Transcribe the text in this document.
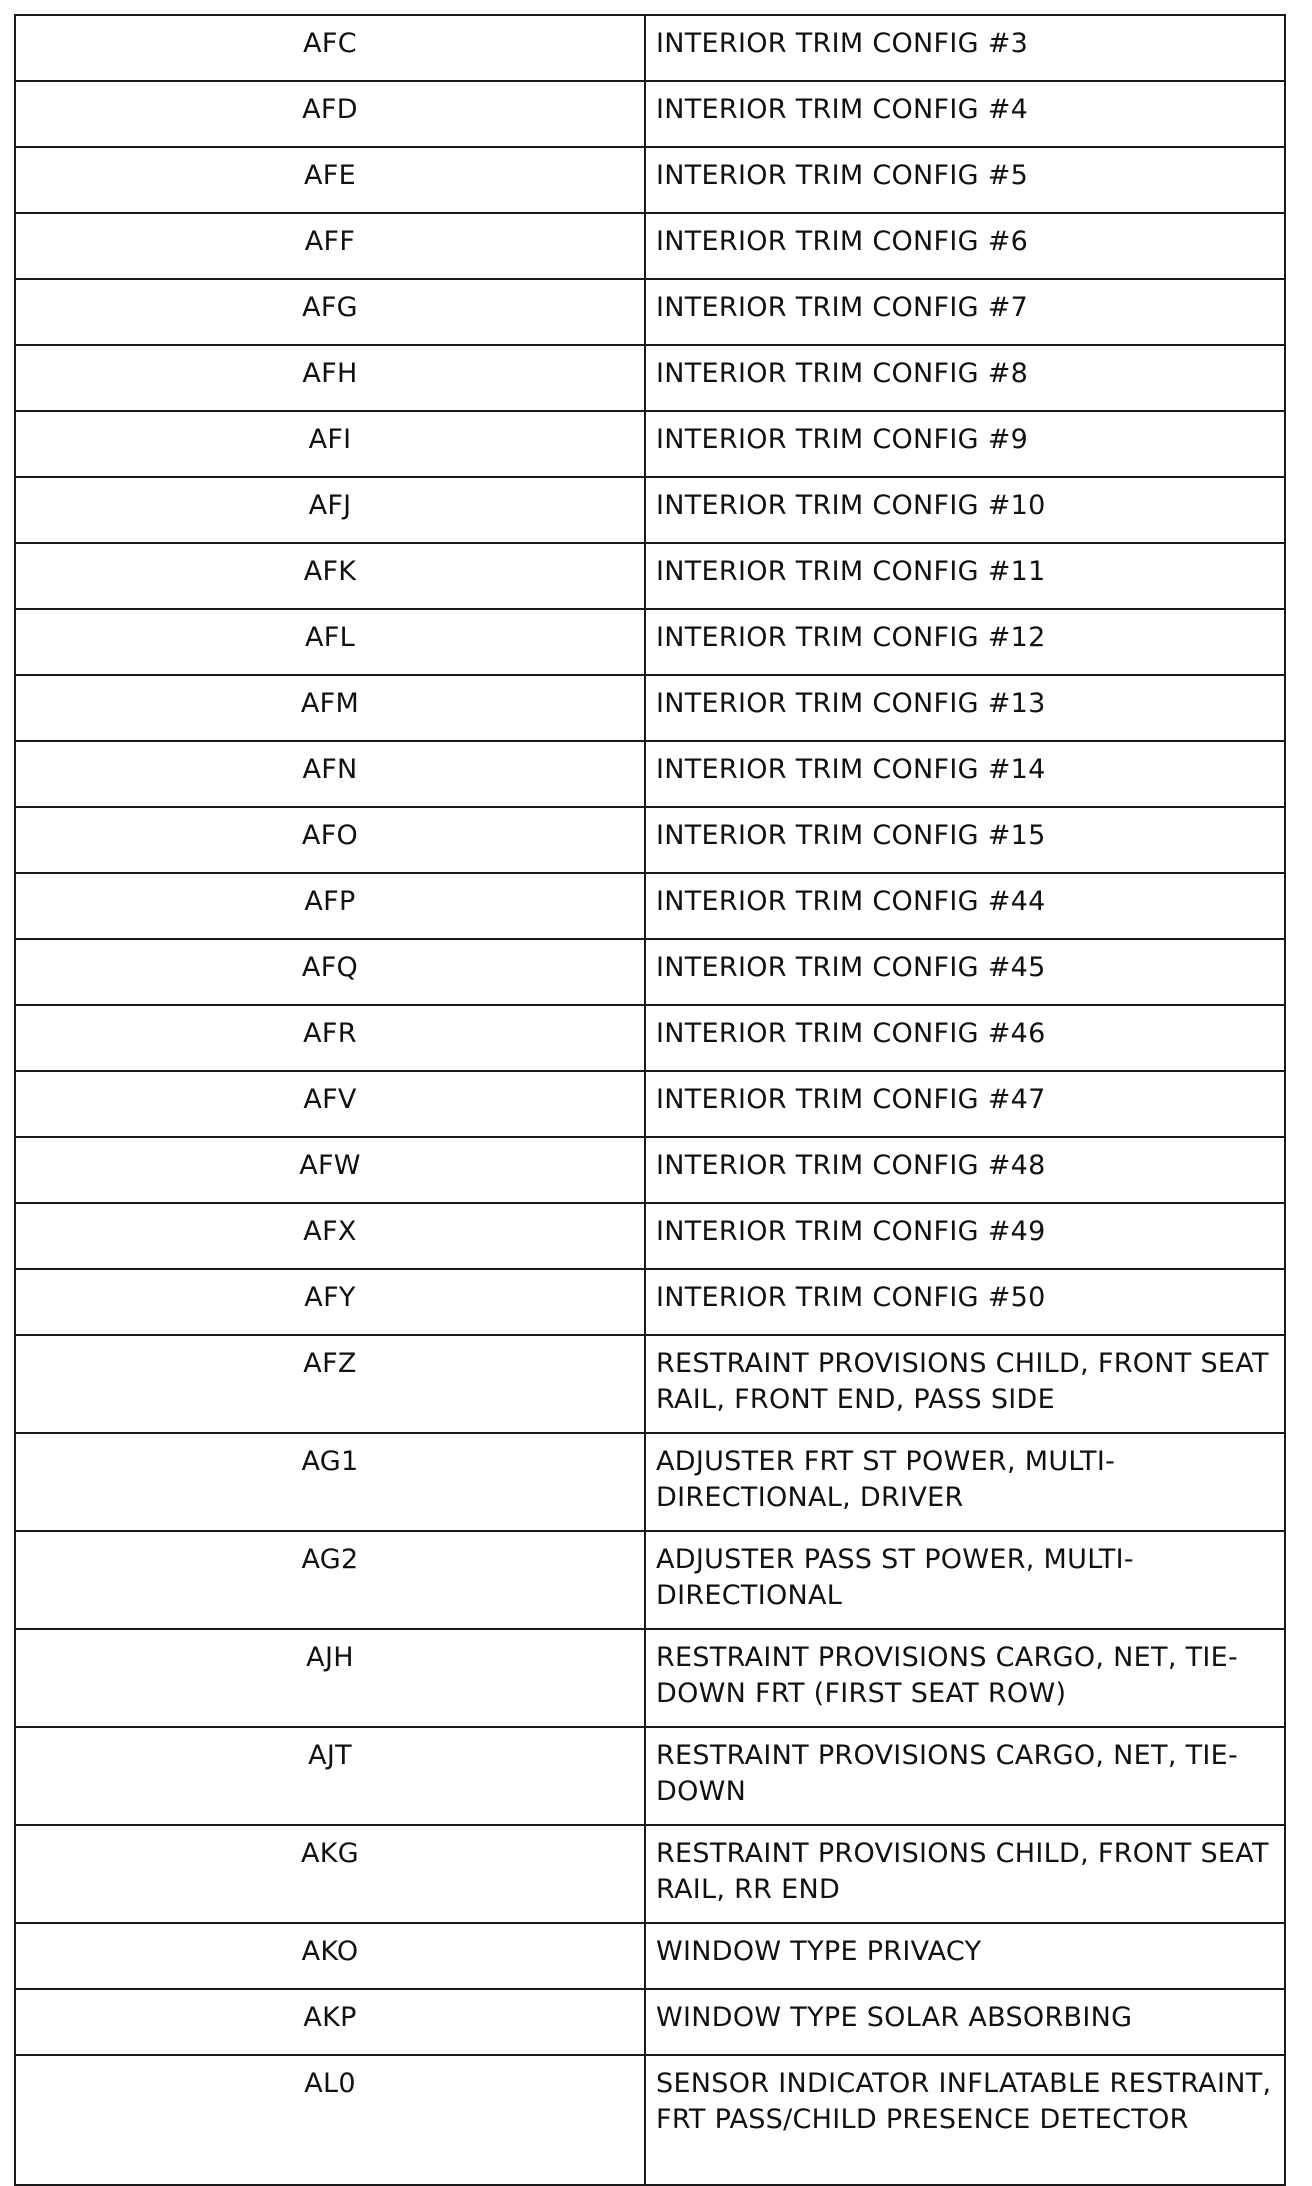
AFC	INTERIOR TRIM CONFIG #3
AFD	INTERIOR TRIM CONFIG #4
AFE	INTERIOR TRIM CONFIG #5
AFF	INTERIOR TRIM CONFIG #6
AFG	INTERIOR TRIM CONFIG #7
AFH	INTERIOR TRIM CONFIG #8
AFI	INTERIOR TRIM CONFIG #9
AFJ	INTERIOR TRIM CONFIG #10
AFK	INTERIOR TRIM CONFIG #11
AFL	INTERIOR TRIM CONFIG #12
AFM	INTERIOR TRIM CONFIG #13
AFN	INTERIOR TRIM CONFIG #14
AFO	INTERIOR TRIM CONFIG #15
AFP	INTERIOR TRIM CONFIG #44
AFQ	INTERIOR TRIM CONFIG #45
AFR	INTERIOR TRIM CONFIG #46
AFV	INTERIOR TRIM CONFIG #47
AFW	INTERIOR TRIM CONFIG #48
AFX	INTERIOR TRIM CONFIG #49
AFY	INTERIOR TRIM CONFIG #50
AFZ	RESTRAINT PROVISIONS CHILD, FRONT SEAT RAIL, FRONT END, PASS SIDE
AG1	ADJUSTER FRT ST POWER, MULTI-DIRECTIONAL, DRIVER
AG2	ADJUSTER PASS ST POWER, MULTI-DIRECTIONAL
AJH	RESTRAINT PROVISIONS CARGO, NET, TIE-DOWN FRT (FIRST SEAT ROW)
AJT	RESTRAINT PROVISIONS CARGO, NET, TIE-DOWN
AKG	RESTRAINT PROVISIONS CHILD, FRONT SEAT RAIL, RR END
AKO	WINDOW TYPE PRIVACY
AKP	WINDOW TYPE SOLAR ABSORBING
AL0	SENSOR INDICATOR INFLATABLE RESTRAINT, FRT PASS/CHILD PRESENCE DETECTOR
